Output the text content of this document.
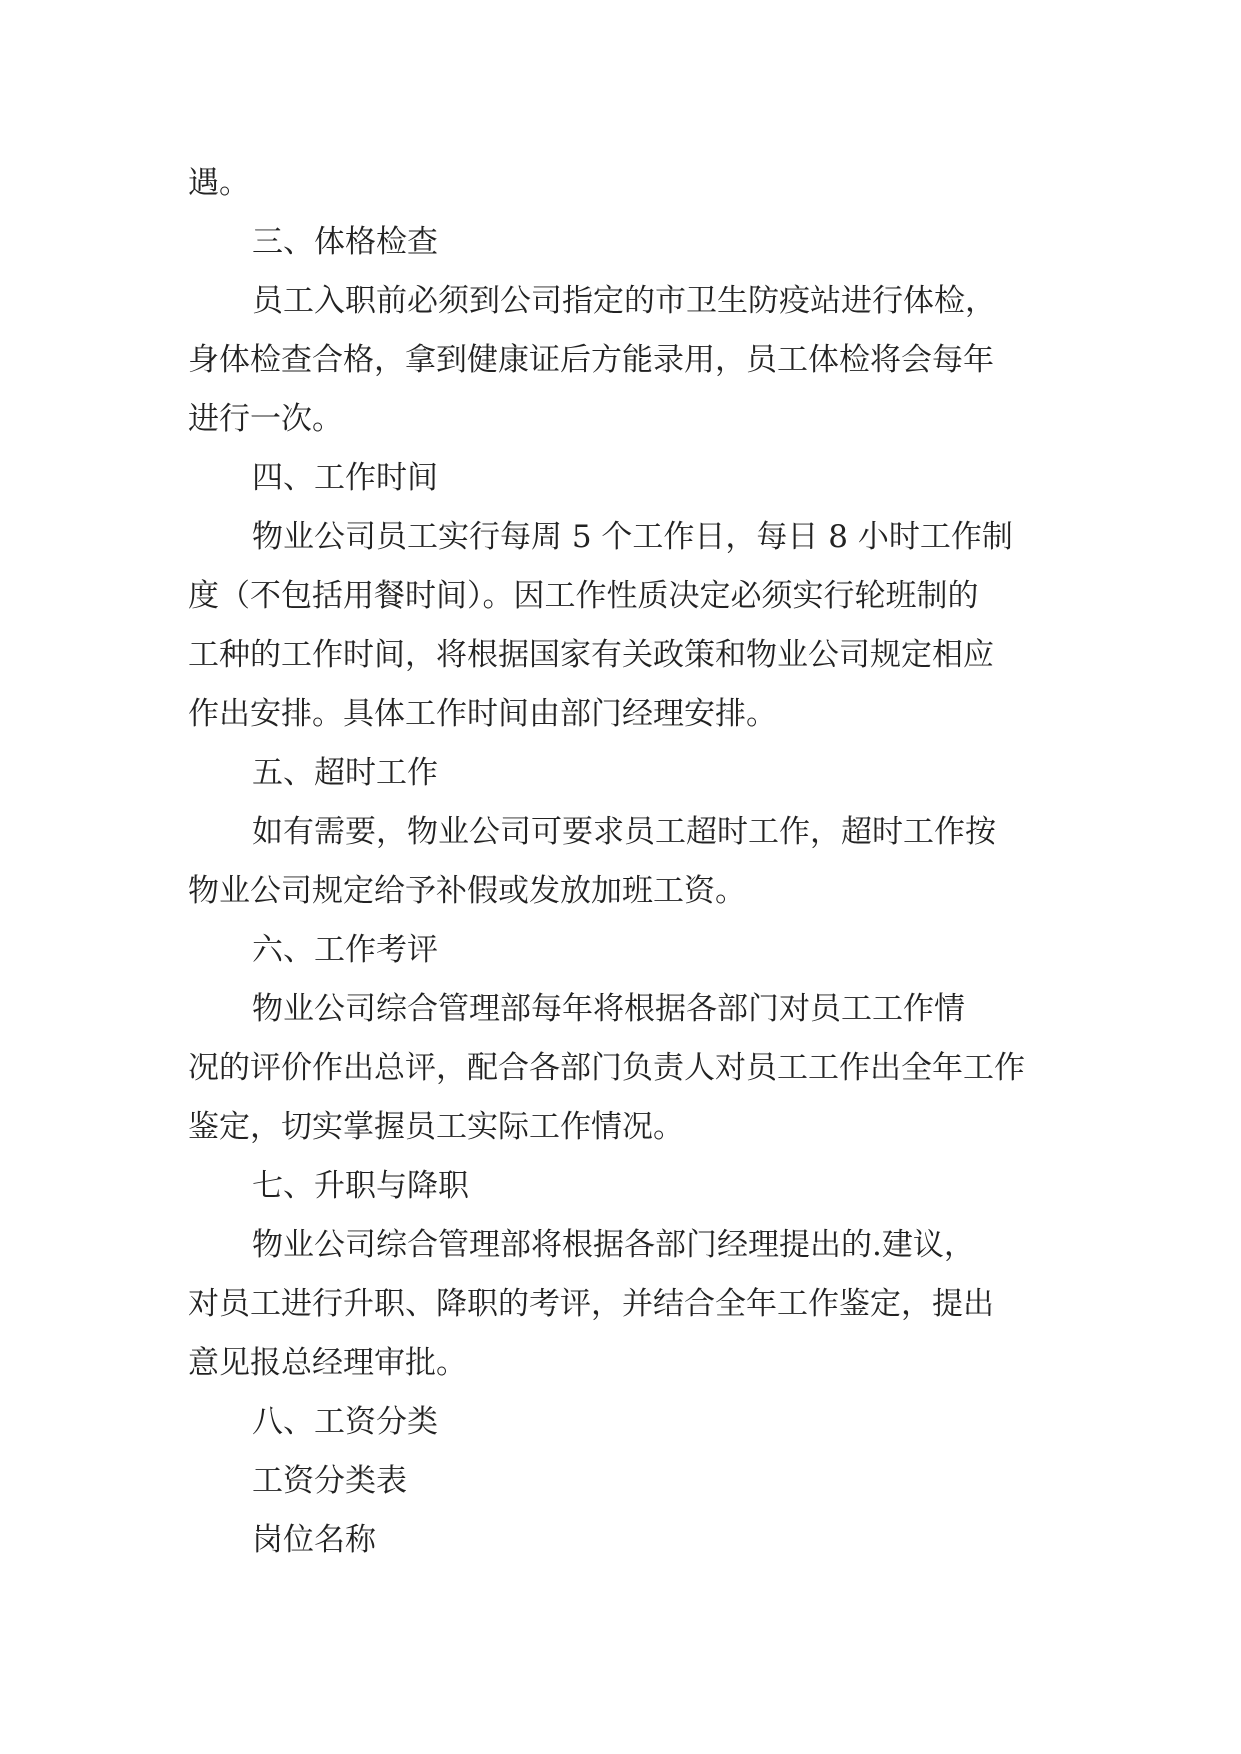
遇。
三、体格检查
员工入职前必须到公司指定的市卫生防疫站进行体检，
身体检查合格，拿到健康证后方能录用，员工体检将会每年
进行一次。
四、工作时间
物业公司员工实行每周 5 个工作日，每日 8 小时工作制
度（不包括用餐时间）。因工作性质决定必须实行轮班制的
工种的工作时间，将根据国家有关政策和物业公司规定相应
作出安排。具体工作时间由部门经理安排。
五、超时工作
如有需要，物业公司可要求员工超时工作，超时工作按
物业公司规定给予补假或发放加班工资。
六、工作考评
物业公司综合管理部每年将根据各部门对员工工作情
况的评价作出总评，配合各部门负责人对员工工作出全年工作
鉴定，切实掌握员工实际工作情况。
七、升职与降职
物业公司综合管理部将根据各部门经理提出的.建议，
对员工进行升职、降职的考评，并结合全年工作鉴定，提出
意见报总经理审批。
八、工资分类
工资分类表
岗位名称
